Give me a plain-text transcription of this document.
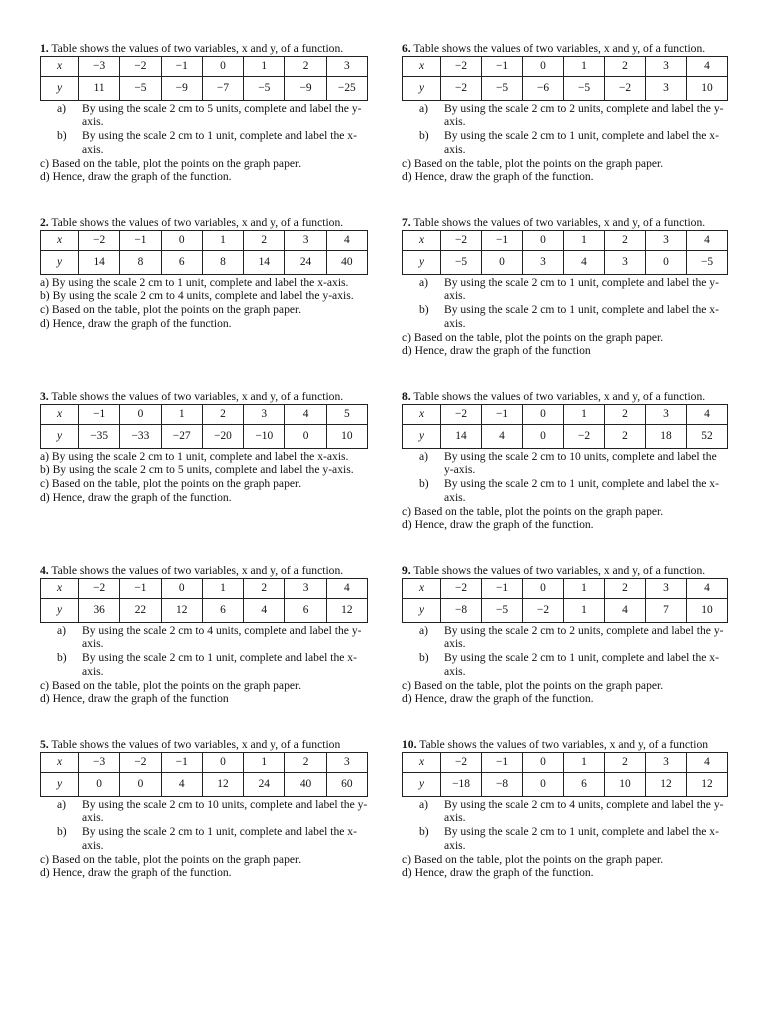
1. Table shows the values of two variables, x and y, of a function.

x	−3	−2	−1	0	1	2	3
y	11	−5	−9	−7	−5	−9	−25
a) By using the scale 2 cm to 5 units, complete and label the y-axis.
b) By using the scale 2 cm to 1 unit, complete and label the x-axis.
c) Based on the table, plot the points on the graph paper.
d) Hence, draw the graph of the function.

2. Table shows the values of two variables, x and y, of a function.

x	−2	−1	0	1	2	3	4
y	14	8	6	8	14	24	40
a) By using the scale 2 cm to 1 unit, complete and label the x-axis.
b) By using the scale 2 cm to 4 units, complete and label the y-axis.
c) Based on the table, plot the points on the graph paper.
d) Hence, draw the graph of the function.

3. Table shows the values of two variables, x and y, of a function.

x	−1	0	1	2	3	4	5
y	−35	−33	−27	−20	−10	0	10
a) By using the scale 2 cm to 1 unit, complete and label the x-axis.
b) By using the scale 2 cm to 5 units, complete and label the y-axis.
c) Based on the table, plot the points on the graph paper.
d) Hence, draw the graph of the function.

4. Table shows the values of two variables, x and y, of a function.

x	−2	−1	0	1	2	3	4
y	36	22	12	6	4	6	12
a) By using the scale 2 cm to 4 units, complete and label the y-axis.
b) By using the scale 2 cm to 1 unit, complete and label the x-axis.
c) Based on the table, plot the points on the graph paper.
d) Hence, draw the graph of the function

5. Table shows the values of two variables, x and y, of a function

x	−3	−2	−1	0	1	2	3
y	0	0	4	12	24	40	60
a) By using the scale 2 cm to 10 units, complete and label the y-axis.
b) By using the scale 2 cm to 1 unit, complete and label the x-axis.
c) Based on the table, plot the points on the graph paper.
d) Hence, draw the graph of the function.

6. Table shows the values of two variables, x and y, of a function.

x	−2	−1	0	1	2	3	4
y	−2	−5	−6	−5	−2	3	10
a) By using the scale 2 cm to 2 units, complete and label the y-axis.
b) By using the scale 2 cm to 1 unit, complete and label the x-axis.
c) Based on the table, plot the points on the graph paper.
d) Hence, draw the graph of the function.

7. Table shows the values of two variables, x and y, of a function.

x	−2	−1	0	1	2	3	4
y	−5	0	3	4	3	0	−5
a) By using the scale 2 cm to 1 unit, complete and label the y-axis.
b) By using the scale 2 cm to 1 unit, complete and label the x-axis.
c) Based on the table, plot the points on the graph paper.
d) Hence, draw the graph of the function

8. Table shows the values of two variables, x and y, of a function.

x	−2	−1	0	1	2	3	4
y	14	4	0	−2	2	18	52
a) By using the scale 2 cm to 10 units, complete and label the y-axis.
b) By using the scale 2 cm to 1 unit, complete and label the x-axis.
c) Based on the table, plot the points on the graph paper.
d) Hence, draw the graph of the function.

9. Table shows the values of two variables, x and y, of a function.

x	−2	−1	0	1	2	3	4
y	−8	−5	−2	1	4	7	10
a) By using the scale 2 cm to 2 units, complete and label the y-axis.
b) By using the scale 2 cm to 1 unit, complete and label the x-axis.
c) Based on the table, plot the points on the graph paper.
d) Hence, draw the graph of the function.

10. Table shows the values of two variables, x and y, of a function

x	−2	−1	0	1	2	3	4
y	−18	−8	0	6	10	12	12
a) By using the scale 2 cm to 4 units, complete and label the y-axis.
b) By using the scale 2 cm to 1 unit, complete and label the x-axis.
c) Based on the table, plot the points on the graph paper.
d) Hence, draw the graph of the function.
